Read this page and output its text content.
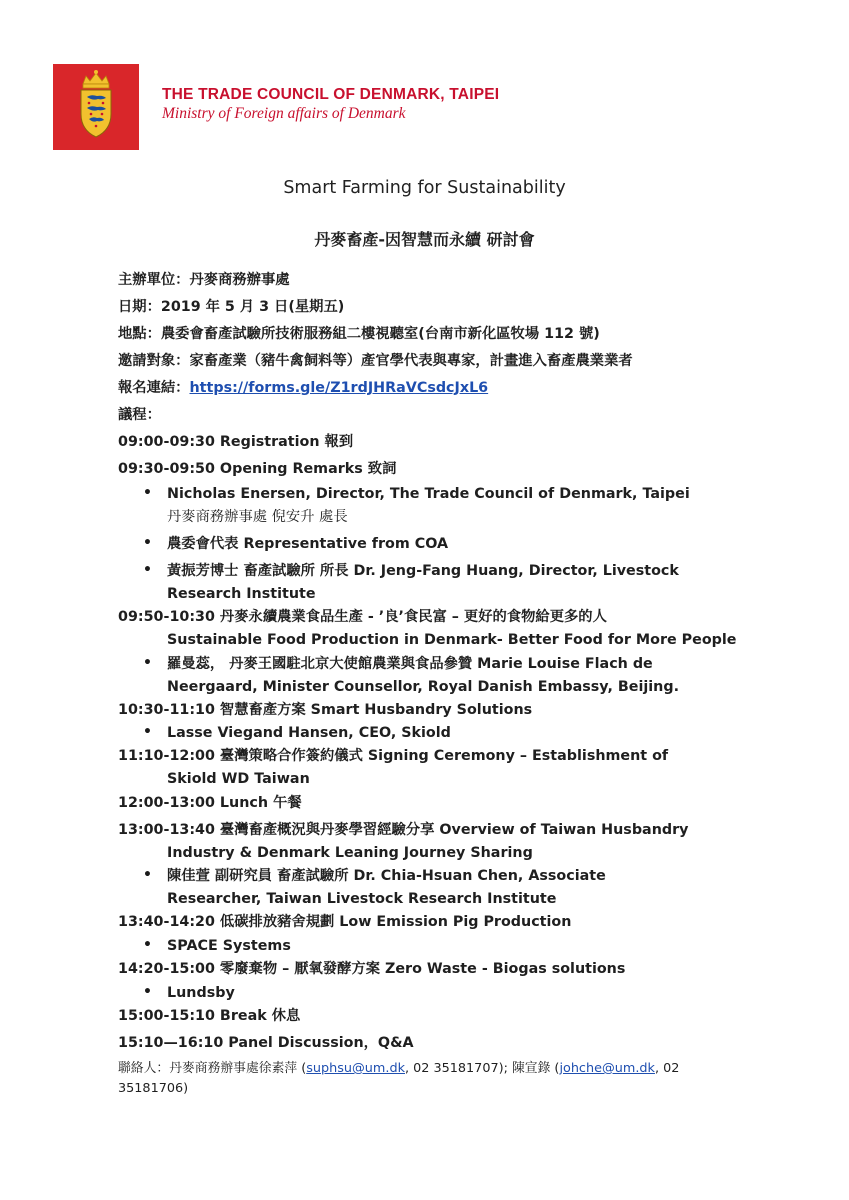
THE TRADE COUNCIL OF DENMARK, TAIPEI
Ministry of Foreign affairs of Denmark
Smart Farming for Sustainability
丹麥畜產-因智慧而永續 研討會
主辦單位：丹麥商務辦事處
日期：2019 年 5 月 3 日(星期五)
地點：農委會畜產試驗所技術服務組二樓視聽室(台南市新化區牧場 112 號)
邀請對象：家畜產業（豬牛禽飼料等）產官學代表與專家，計畫進入畜產農業業者
報名連結：https://forms.gle/Z1rdJHRaVCsdcJxL6
議程：
09:00-09:30 Registration 報到
09:30-09:50 Opening Remarks 致詞
• Nicholas Enersen, Director, The Trade Council of Denmark, Taipei
丹麥商務辦事處 倪安升 處長
• 農委會代表 Representative from COA
• 黃振芳博士 畜產試驗所 所長 Dr. Jeng-Fang Huang, Director, Livestock
Research Institute
09:50-10:30 丹麥永續農業食品生產 - ’良’食民富 – 更好的食物給更多的人
Sustainable Food Production in Denmark- Better Food for More People
• 羅曼蕊， 丹麥王國駐北京大使館農業與食品參贊 Marie Louise Flach de
Neergaard, Minister Counsellor, Royal Danish Embassy, Beijing.
10:30-11:10 智慧畜產方案 Smart Husbandry Solutions
• Lasse Viegand Hansen, CEO, Skiold
11:10-12:00 臺灣策略合作簽約儀式 Signing Ceremony – Establishment of
Skiold WD Taiwan
12:00-13:00 Lunch 午餐
13:00-13:40 臺灣畜產概況與丹麥學習經驗分享 Overview of Taiwan Husbandry
Industry & Denmark Leaning Journey Sharing
• 陳佳萱 副研究員 畜產試驗所 Dr. Chia-Hsuan Chen, Associate
Researcher, Taiwan Livestock Research Institute
13:40-14:20 低碳排放豬舍規劃 Low Emission Pig Production
• SPACE Systems
14:20-15:00 零廢棄物 – 厭氧發酵方案 Zero Waste - Biogas solutions
• Lundsby
15:00-15:10 Break 休息
15:10—16:10 Panel Discussion，Q&A
聯絡人：丹麥商務辦事處徐素萍 (suphsu@um.dk, 02 35181707); 陳宣錄 (johche@um.dk, 02
35181706)
